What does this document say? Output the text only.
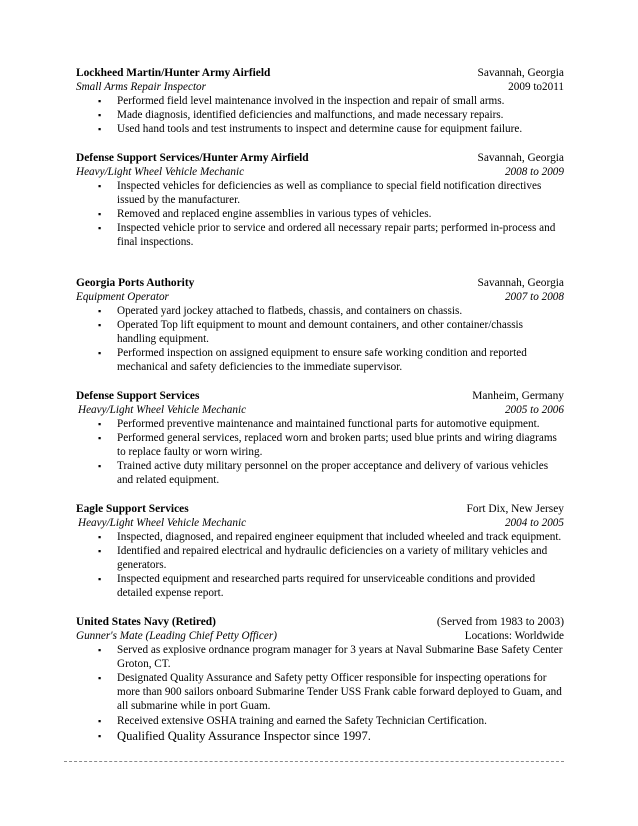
Lockheed Martin/Hunter Army Airfield	Savannah, Georgia
Small Arms Repair Inspector	2009 to2011
▪ Performed field level maintenance involved in the inspection and repair of small arms.
▪ Made diagnosis, identified deficiencies and malfunctions, and made necessary repairs.
▪ Used hand tools and test instruments to inspect and determine cause for equipment failure.
Defense Support Services/Hunter Army Airfield	Savannah, Georgia
Heavy/Light Wheel Vehicle Mechanic	2008 to 2009
▪ Inspected vehicles for deficiencies as well as compliance to special field notification directives issued by the manufacturer.
▪ Removed and replaced engine assemblies in various types of vehicles.
▪ Inspected vehicle prior to service and ordered all necessary repair parts; performed in-process and final inspections.
Georgia Ports Authority	Savannah, Georgia
Equipment Operator	2007 to 2008
▪ Operated yard jockey attached to flatbeds, chassis, and containers on chassis.
▪ Operated Top lift equipment to mount and demount containers, and other container/chassis handling equipment.
▪ Performed inspection on assigned equipment to ensure safe working condition and reported mechanical and safety deficiencies to the immediate supervisor.
Defense Support Services	Manheim, Germany
Heavy/Light Wheel Vehicle Mechanic	2005 to 2006
▪ Performed preventive maintenance and maintained functional parts for automotive equipment.
▪ Performed general services, replaced worn and broken parts; used blue prints and wiring diagrams to replace faulty or worn wiring.
▪ Trained active duty military personnel on the proper acceptance and delivery of various vehicles and related equipment.
Eagle Support Services	Fort Dix, New Jersey
Heavy/Light Wheel Vehicle Mechanic	2004 to 2005
▪ Inspected, diagnosed, and repaired engineer equipment that included wheeled and track equipment.
▪ Identified and repaired electrical and hydraulic deficiencies on a variety of military vehicles and generators.
▪ Inspected equipment and researched parts required for unserviceable conditions and provided detailed expense report.
United States Navy (Retired)	(Served from 1983 to 2003)
Gunner's Mate (Leading Chief Petty Officer)	Locations: Worldwide
▪ Served as explosive ordnance program manager for 3 years at Naval Submarine Base Safety Center Groton, CT.
▪ Designated Quality Assurance and Safety petty Officer responsible for inspecting operations for more than 900 sailors onboard Submarine Tender USS Frank cable forward deployed to Guam, and all submarine while in port Guam.
▪ Received extensive OSHA training and earned the Safety Technician Certification.
▪ Qualified Quality Assurance Inspector since 1997.
